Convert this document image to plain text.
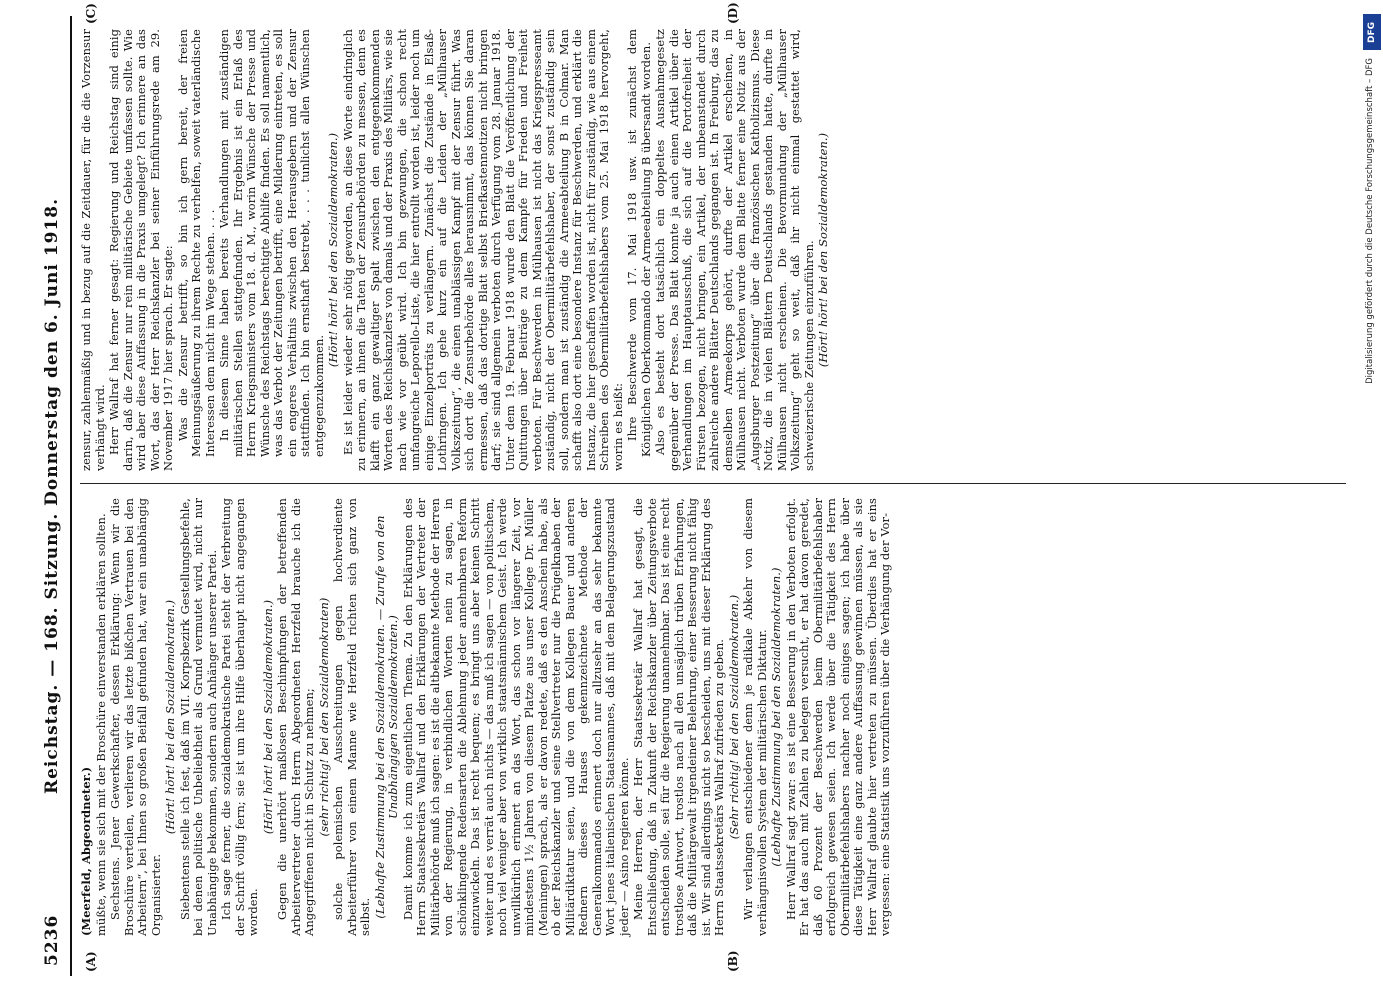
5236
Reichstag. — 168. Sitzung. Donnerstag den 6. Juni 1918.
(A)	(B)
(C)	(D)

(Meerfeld, Abgeordneter.) müßte, wenn sie sich mit der Broschüre einverstanden erklären sollten. Sechstens. Jener Gewerkschafter, dessen Erklärung: Wenn wir die Broschüre verteilen, verlieren wir das letzte bißchen Vertrauen bei den Arbeitern“, bei Ihnen so großen Beifall gefunden hat, war ein unabhängig Organisierter.

(Hört! hört! bei den Sozialdemokraten.) Siebentens stelle ich fest, daß im VII. Korpsbezirk Gestellungsbefehle, bei denen politische Unbeliebtheit als Grund vermutet wird, nicht nur Unabhängige bekommen, sondern auch Anhänger unserer Partei. Ich sage ferner, die sozialdemokratische Partei steht der Verbreitung der Schrift völlig fern; sie ist um ihre Hilfe überhaupt nicht angegangen worden.

(Hört! hört! bei den Sozialdemokraten.) Gegen die unerhört maßlosen Beschimpfungen der betreffenden Arbeitervertreter durch Herrn Abgeordneten Herzfeld brauche ich die Angegriffenen nicht in Schutz zu nehmen; (sehr richtig! bei den Sozialdemokraten) solche polemischen Ausschreitungen gegen hochverdiente Arbeiterführer von einem Manne wie Herzfeld richten sich ganz von selbst. (Lebhafte Zustimmung bei den Sozialdemokraten. — Zurufe von den Unabhängigen Sozialdemokraten.) Damit komme ich zum eigentlichen Thema. Zu den Erklärungen des Herrn Staatssekretärs Wallraf und den Erklärungen der Vertreter der Militärbehörde muß ich sagen: es ist die altbekannte Methode der Herren von der Regierung, in verbindlichen Worten nein zu sagen, in schönklingende Redensarten die Ablehnung jeder annehmbaren Reform einzuwickeln. Das ist recht bequem; es bringt uns aber keinen Schritt weiter und es verrät auch nichts — das muß ich sagen — von politischem, noch viel weniger aber von wirklich staatsmännischem Geist. Ich werde unwillkürlich erinnert an das Wort, das schon vor längerer Zeit, vor mindestens 1½ Jahren von diesem Platze aus unser Kollege Dr. Müller (Meiningen) sprach, als er davon redete, daß es den Anschein habe, als ob der Reichskanzler und seine Stellvertreter nur die Prügelknaben der Militärdiktatur seien, und die von dem Kollegen Bauer und anderen Rednern dieses Hauses gekennzeichnete Methode der Generalkommandos erinnert doch nur allzusehr an das sehr bekannte Wort jenes italienischen Staatsmannes, daß mit dem Belagerungszustand jeder — Asino regieren könne. Meine Herren, der Herr Staatssekretär Wallraf hat gesagt, die Entschließung, daß in Zukunft der Reichskanzler über Zeitungsverbote entscheiden solle, sei für die Regierung unannehmbar. Das ist eine recht trostlose Antwort, trostlos nach all den unsäglich trüben Erfahrungen, daß die Militärgewalt irgendeiner Belehrung, einer Besserung nicht fähig ist. Wir sind allerdings nicht so bescheiden, uns mit dieser Erklärung des Herrn Staatssekretärs Wallraf zufrieden zu geben. (Sehr richtig! bei den Sozialdemokraten.) Wir verlangen entschiedener denn je radikale Abkehr von diesem verhängnisvollen System der militärischen Diktatur. (Lebhafte Zustimmung bei den Sozialdemokraten.) Herr Wallraf sagt zwar: es ist eine Besserung in den Verboten erfolgt. Er hat das auch mit Zahlen zu belegen versucht, er hat davon geredet, daß 60 Prozent der Beschwerden beim Obermilitärbefehlshaber erfolgreich gewesen seien. Ich werde über die Tätigkeit des Herrn Obermilitärbefehlshabers nachher noch einiges sagen; ich habe über diese Tätigkeit eine ganz andere Auffassung gewinnen müssen, als sie Herr Wallraf glaubte hier vertreten zu müssen. Überdies hat er eins vergessen: eine Statistik uns vorzuführen über die Verhängung der Vor-

zensur, zahlenmäßig und in bezug auf die Zeitdauer, für die die Vorzensur verhängt wird. Herr Wallraf hat ferner gesagt: Regierung und Reichstag sind einig darin, daß die Zensur nur rein militärische Gebiete umfassen sollte. Wie wird aber diese Auffassung in die Praxis umgelegt? Ich erinnere an das Wort, das der Herr Reichskanzler bei seiner Einführungsrede am 29. November 1917 hier sprach. Er sagte: Was die Zensur betrifft, so bin ich gern bereit, der freien Meinungsäußerung zu ihrem Rechte zu verhelfen, soweit vaterländische Interessen dem nicht im Wege stehen. . . . In diesem Sinne haben bereits Verhandlungen mit zuständigen militärischen Stellen stattgefunden. Ihr Ergebnis ist ein Erlaß des Herrn Kriegsministers vom 18. d. M., worin Wünsche der Presse und Wünsche des Reichstags berechtigte Abhilfe finden. Es soll namentlich, was das Verbot der Zeitungen betrifft, eine Milderung eintreten, es soll ein engeres Verhältnis zwischen den Herausgebern und der Zensur stattfinden. Ich bin ernsthaft bestrebt, . . . tunlichst allen Wünschen entgegenzukommen.

(Hört! hört! bei den Sozialdemokraten.) Es ist leider wieder sehr nötig geworden, an diese Worte eindringlich zu erinnern, an ihnen die Taten der Zensurbehörden zu messen, denn es klafft ein ganz gewaltiger Spalt zwischen den entgegenkommenden Worten des Reichskanzlers von damals und der Praxis des Militärs, wie sie nach wie vor geübt wird. Ich bin gezwungen, die schon recht umfangreiche Leporello-Liste, die hier entrollt worden ist, leider noch um einige Einzelporträts zu verlängern. Zunächst die Zustände in Elsaß-Lothringen. Ich gehe kurz ein auf die Leiden der „Mülhauser Volkszeitung“, die einen unablässigen Kampf mit der Zensur führt. Was sich dort die Zensurbehörde alles herausnimmt, das können Sie daran ermessen, daß das dortige Blatt selbst Briefkastennotizen nicht bringen darf; sie sind allgemein verboten durch Verfügung vom 28. Januar 1918. Unter dem 19. Februar 1918 wurde den Blatt die Veröffentlichung der Quittungen über Beiträge zu dem Kampfe für Frieden und Freiheit verboten. Für Beschwerden in Mülhausen ist nicht das Kriegspresseamt zuständig, nicht der Obermilitärbefehlshaber, der sonst zuständig sein soll, sondern man ist zuständig die Armeeabteilung B in Colmar. Man schafft also dort eine besondere Instanz für Beschwerden, und erklärt die Instanz, die hier geschaffen worden ist, nicht für zuständig, wie aus einem Schreiben des Obermilitärbefehlshabers vom 25. Mai 1918 hervorgeht, worin es heißt: Ihre Beschwerde vom 17. Mai 1918 usw. ist zunächst dem Königlichen Oberkommando der Armeeabteilung B übersandt worden. Also es besteht dort tatsächlich ein doppeltes Ausnahmegesetz gegenüber der Presse. Das Blatt konnte ja auch einen Artikel über die Verhandlungen im Hauptausschuß, die sich auf die Portofreiheit der Fürsten bezogen, nicht bringen, ein Artikel, der unbeanstandet durch zahlreiche andere Blätter Deutschlands gegangen ist. In Freiburg, das zu demselben Armeekorps gehört, durfte der Artikel erscheinen, in Mülhausen nicht. Verboten wurde dem Blatte ferner eine Notiz aus der „Augsburger Postzeitung“ über die französischen Katholizismus. Diese Notiz, die in vielen Blättern Deutschlands gestanden hatte, durfte in Mülhausen nicht erscheinen. Die Bevormundung der „Mülhauser Volkszeitung“ geht so weit, daß ihr nicht einmal gestattet wird, schweizerische Zeitungen einzuführen. (Hört! hört! bei den Sozialdemokraten.)

DFG
Digitalisierung gefördert durch die Deutsche Forschungsgemeinschaft – DFG
